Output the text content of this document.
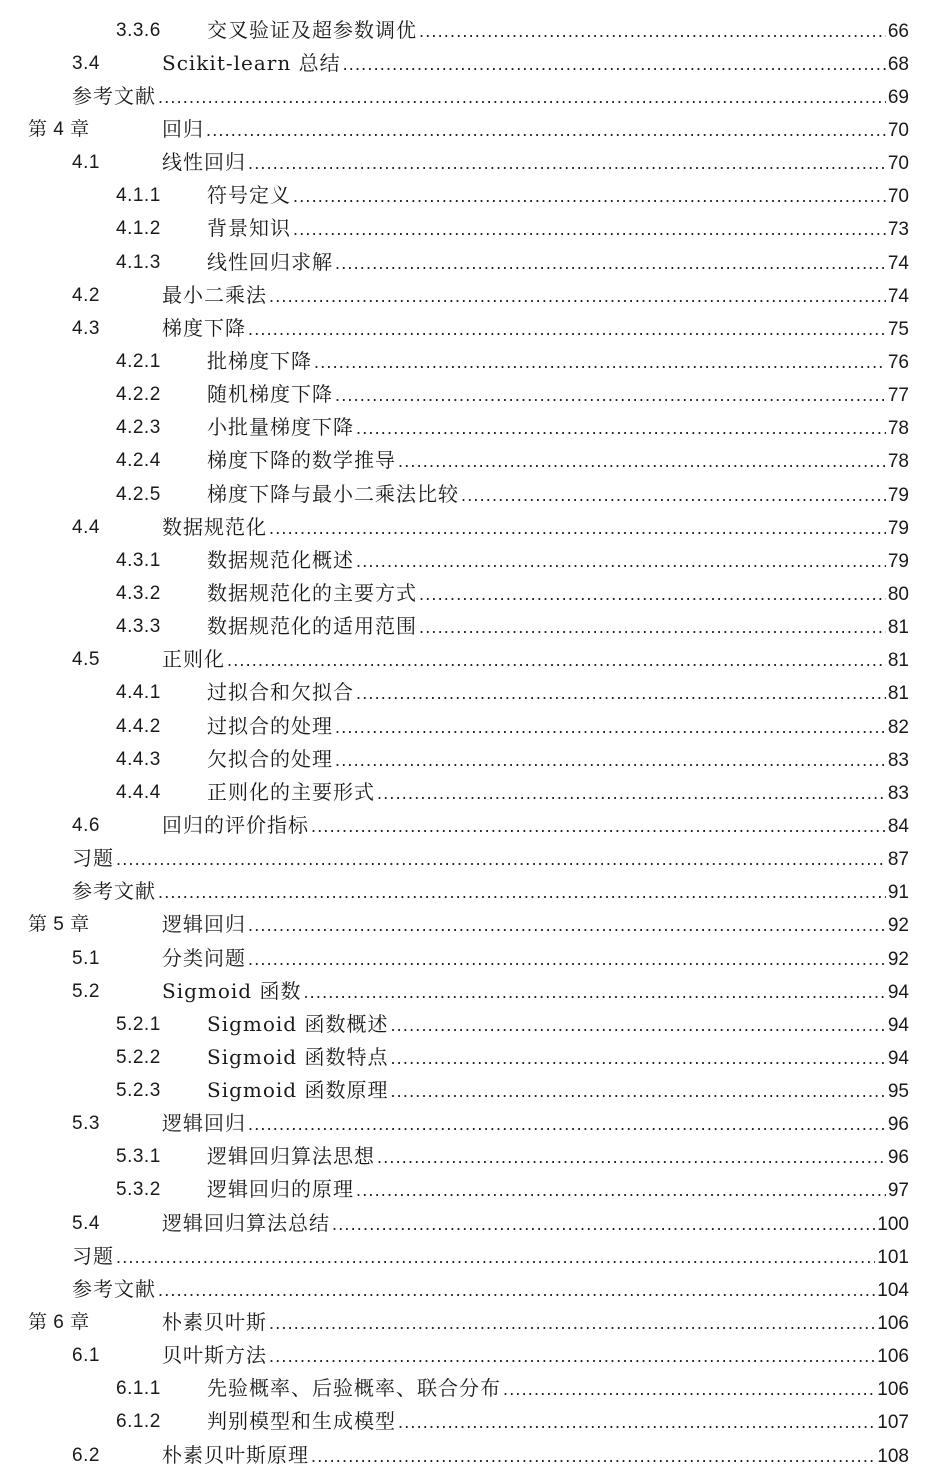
3.3.6 交叉验证及超参数调优 .....	66
3.4	Scikit-learn 总结 .....	68
参考文献 .....	69
第 4 章	回归 .....	70
4.1	线性回归 .....	70
4.1.1 符号定义 .....	70
4.1.2 背景知识 .....	73
4.1.3 线性回归求解 .....	74
4.2	最小二乘法 .....	74
4.3	梯度下降 .....	75
4.2.1 批梯度下降 .....	76
4.2.2 随机梯度下降 .....	77
4.2.3 小批量梯度下降 .....	78
4.2.4 梯度下降的数学推导 .....	78
4.2.5 梯度下降与最小二乘法比较 .....	79
4.4	数据规范化 .....	79
4.3.1 数据规范化概述 .....	79
4.3.2 数据规范化的主要方式 .....	80
4.3.3 数据规范化的适用范围 .....	81
4.5	正则化 .....	81
4.4.1 过拟合和欠拟合 .....	81
4.4.2 过拟合的处理 .....	82
4.4.3 欠拟合的处理 .....	83
4.4.4 正则化的主要形式 .....	83
4.6	回归的评价指标 .....	84
习题 .....	87
参考文献 .....	91
第 5 章	逻辑回归 .....	92
5.1	分类问题 .....	92
5.2	Sigmoid 函数 .....	94
5.2.1 Sigmoid 函数概述 .....	94
5.2.2 Sigmoid 函数特点 .....	94
5.2.3 Sigmoid 函数原理 .....	95
5.3	逻辑回归 .....	96
5.3.1 逻辑回归算法思想 .....	96
5.3.2 逻辑回归的原理 .....	97
5.4	逻辑回归算法总结 .....	100
习题 .....	101
参考文献 .....	104
第 6 章	朴素贝叶斯 .....	106
6.1	贝叶斯方法 .....	106
6.1.1 先验概率、后验概率、联合分布 .....	106
6.1.2 判别模型和生成模型 .....	107
6.2	朴素贝叶斯原理 .....	108
